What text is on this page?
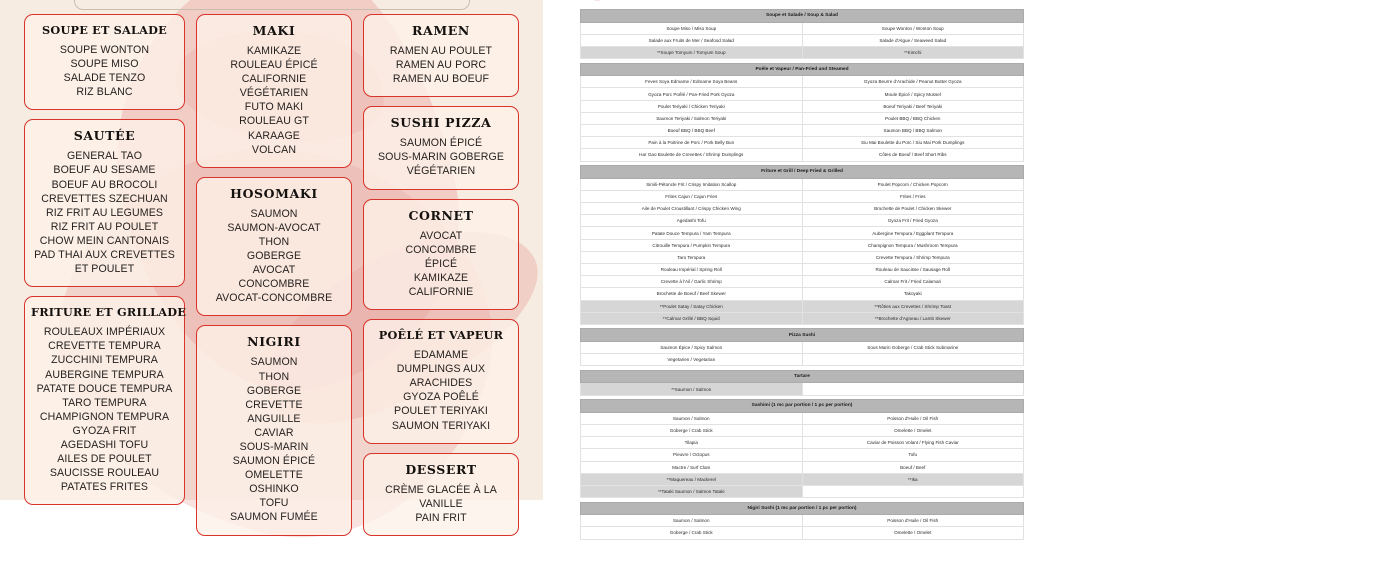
SOUPE ET SALADE
SOUPE WONTON
SOUPE MISO
SALADE TENZO
RIZ BLANC
SAUTÉE
GENERAL TAO
BOEUF AU SESAME
BOEUF AU BROCOLI
CREVETTES SZECHUAN
RIZ FRIT AU LEGUMES
RIZ FRIT AU POULET
CHOW MEIN CANTONAIS
PAD THAI AUX CREVETTES
ET POULET
FRITURE ET GRILLADE
ROULEAUX IMPÉRIAUX
CREVETTE TEMPURA
ZUCCHINI TEMPURA
AUBERGINE TEMPURA
PATATE DOUCE TEMPURA
TARO TEMPURA
CHAMPIGNON TEMPURA
GYOZA FRIT
AGEDASHI TOFU
AILES DE POULET
SAUCISSE ROULEAU
PATATES FRITES
MAKI
KAMIKAZE
ROULEAU ÉPICÉ
CALIFORNIE
VÉGÉTARIEN
FUTO MAKI
ROULEAU GT
KARAAGE
VOLCAN
HOSOMAKI
SAUMON
SAUMON-AVOCAT
THON
GOBERGE
AVOCAT
CONCOMBRE
AVOCAT-CONCOMBRE
NIGIRI
SAUMON
THON
GOBERGE
CREVETTE
ANGUILLE
CAVIAR
SOUS-MARIN
SAUMON ÉPICÉ
OMELETTE
OSHINKO
TOFU
SAUMON FUMÉE
RAMEN
RAMEN AU POULET
RAMEN AU PORC
RAMEN AU BOEUF
SUSHI PIZZA
SAUMON ÉPICÉ
SOUS-MARIN GOBERGE
VÉGÉTARIEN
CORNET
AVOCAT
CONCOMBRE
ÉPICÉ
KAMIKAZE
CALIFORNIE
POÊLÉ ET VAPEUR
EDAMAME
DUMPLINGS AUX
ARACHIDES
GYOZA POÊLÉ
POULET TERIYAKI
SAUMON TERIYAKI
DESSERT
CRÈME GLACÉE À LA
VANILLE
PAIN FRIT
Soupe et Salade / Soup & Salad	
Soupe Miso / Miso Soup	Soupe Wonton / Wonton Soup
Salade aux Fruits de Mer / Seafood Salad	Salade d'Algue / Seaweed Salad
**Soupe Tomyum / Tomyum Soup	**Kimchi

Poêle et Vapeur / Pan-Fried and Steamed	
Feves Soya Edmame / Edmame Soya Beans	Gyoza Beurre d'Arachide / Peanut Butter Gyoza
Gyoza Porc Poêlé / Pan-Fried Pork Gyoza	Moule Épicé / Spicy Mussel
Poulet Teriyaki / Chicken Teriyaki	Boeuf Teriyaki / Beef Teriyaki
Saumon Teriyaki / Salmon Teriyaki	Poulet BBQ / BBQ Chicken
Boeuf BBQ / BBQ Beef	Saumon BBQ / BBQ Salmon
Pain à la Poitrine de Porc / Pork Belly Bun	Siu Mai Boulette du Porc / Siu Mai Pork Dumplings
Har Gao Boulette de Crevettes / Shrimp Dumplings	Côtes de Boeuf / Beef Short Ribs

Friture et Grill / Deep Fried & Grilled	
Simili-Pétoncle Frit / Crispy Imitation Scallop	Poulet Popcorn / Chicken Popcorn
Frites Cajun / Cajun Fries	Frites / Fries
Aile de Poulet Croustillant / Crispy Chicken Wing	Brochette de Poulet / Chicken Skewer
Agedashi Tofu	Gyoza Frit / Fried Gyoza
Patate Douce Tempura / Yam Tempura	Aubergine Tempura / Eggplant Tempura
Citrouille Tempura / Pumpkin Tempura	Champignon Tempura / Mushroom Tempura
Taro Tempura	Crevette Tempura / Shrimp Tempura
Rouleau Impérial / Spring Roll	Rouleau de Saucisse / Sausage Roll
Crevette à l'Ail / Garlic Shrimp	Calmar Frit / Fried Calamari
Brochette de Boeuf / Beef Skewer	Takoyaki
**Poulet Satay / Satay Chicken	**Rôties aux Crevettes / Shrimp Toast
**Calmar Grillé / BBQ Squid	**Brochette d'Agneau / Lamb Skewer

Pizza Sushi	
Saumon Épice / Spicy Salmon	Sous Marin Goberge / Crab Stick Submarine
Vegetarien / Vegetarian	

Tartare	
**Saumon / Salmon	

Sashimi (1 mc par portion / 1 pc per portion)	
Saumon / Salmon	Poisson d'Huile / Oil Fish
Goberge / Crab Stick	Omelette / Omelet
Tilapia	Caviar de Poisson Volant / Flying Fish Caviar
Pieuvre / Octopus	Tofu
Mactre / Surf Clam	Boeuf / Beef
**Maquereau / Mackerel	**Ika
**Tataki Saumon / Salmon Tataki	

Nigiri Sushi (1 mc par portion / 1 pc per portion)	
Saumon / Salmon	Poisson d'Huile / Oil Fish
Goberge / Crab Stick	Omelette / Omelet
